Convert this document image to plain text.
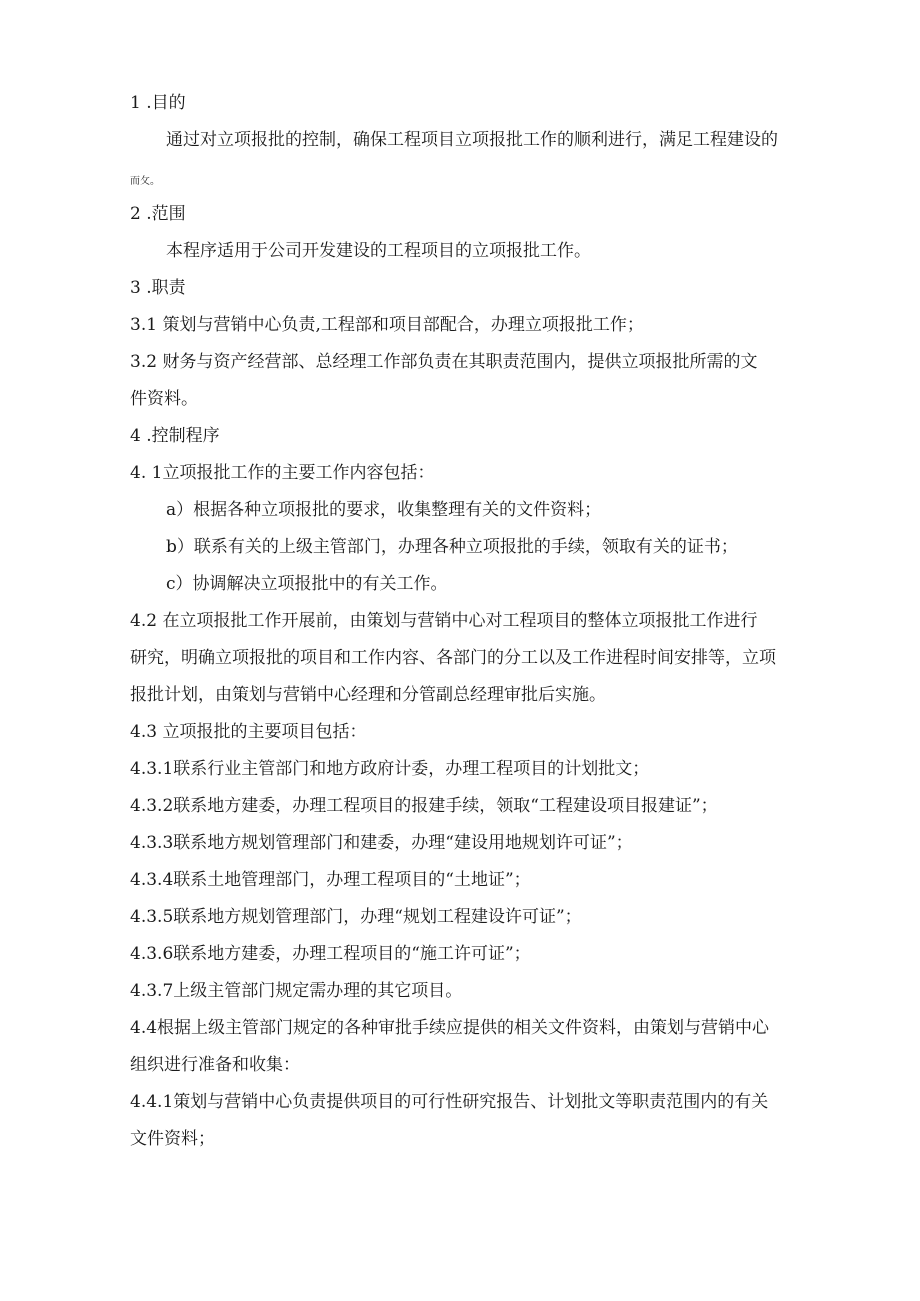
1 .目的
通过对立项报批的控制，确保工程项目立项报批工作的顺利进行，满足工程建设的
而攵。
2 .范围
本程序适用于公司开发建设的工程项目的立项报批工作。
3 .职责
3.1 策划与营销中心负责,工程部和项目部配合，办理立项报批工作；
3.2 财务与资产经营部、总经理工作部负责在其职责范围内，提供立项报批所需的文
件资料。
4 .控制程序
4. 1立项报批工作的主要工作内容包括：
a）根据各种立项报批的要求，收集整理有关的文件资料；
b）联系有关的上级主管部门，办理各种立项报批的手续，领取有关的证书；
c）协调解决立项报批中的有关工作。
4.2 在立项报批工作开展前，由策划与营销中心对工程项目的整体立项报批工作进行
研究，明确立项报批的项目和工作内容、各部门的分工以及工作进程时间安排等，立项
报批计划，由策划与营销中心经理和分管副总经理审批后实施。
4.3 立项报批的主要项目包括：
4.3.1联系行业主管部门和地方政府计委，办理工程项目的计划批文；
4.3.2联系地方建委，办理工程项目的报建手续，领取“工程建设项目报建证”；
4.3.3联系地方规划管理部门和建委，办理“建设用地规划许可证”；
4.3.4联系土地管理部门，办理工程项目的“土地证”；
4.3.5联系地方规划管理部门，办理“规划工程建设许可证”；
4.3.6联系地方建委，办理工程项目的“施工许可证”；
4.3.7上级主管部门规定需办理的其它项目。
4.4根据上级主管部门规定的各种审批手续应提供的相关文件资料，由策划与营销中心
组织进行准备和收集：
4.4.1策划与营销中心负责提供项目的可行性研究报告、计划批文等职责范围内的有关
文件资料；
